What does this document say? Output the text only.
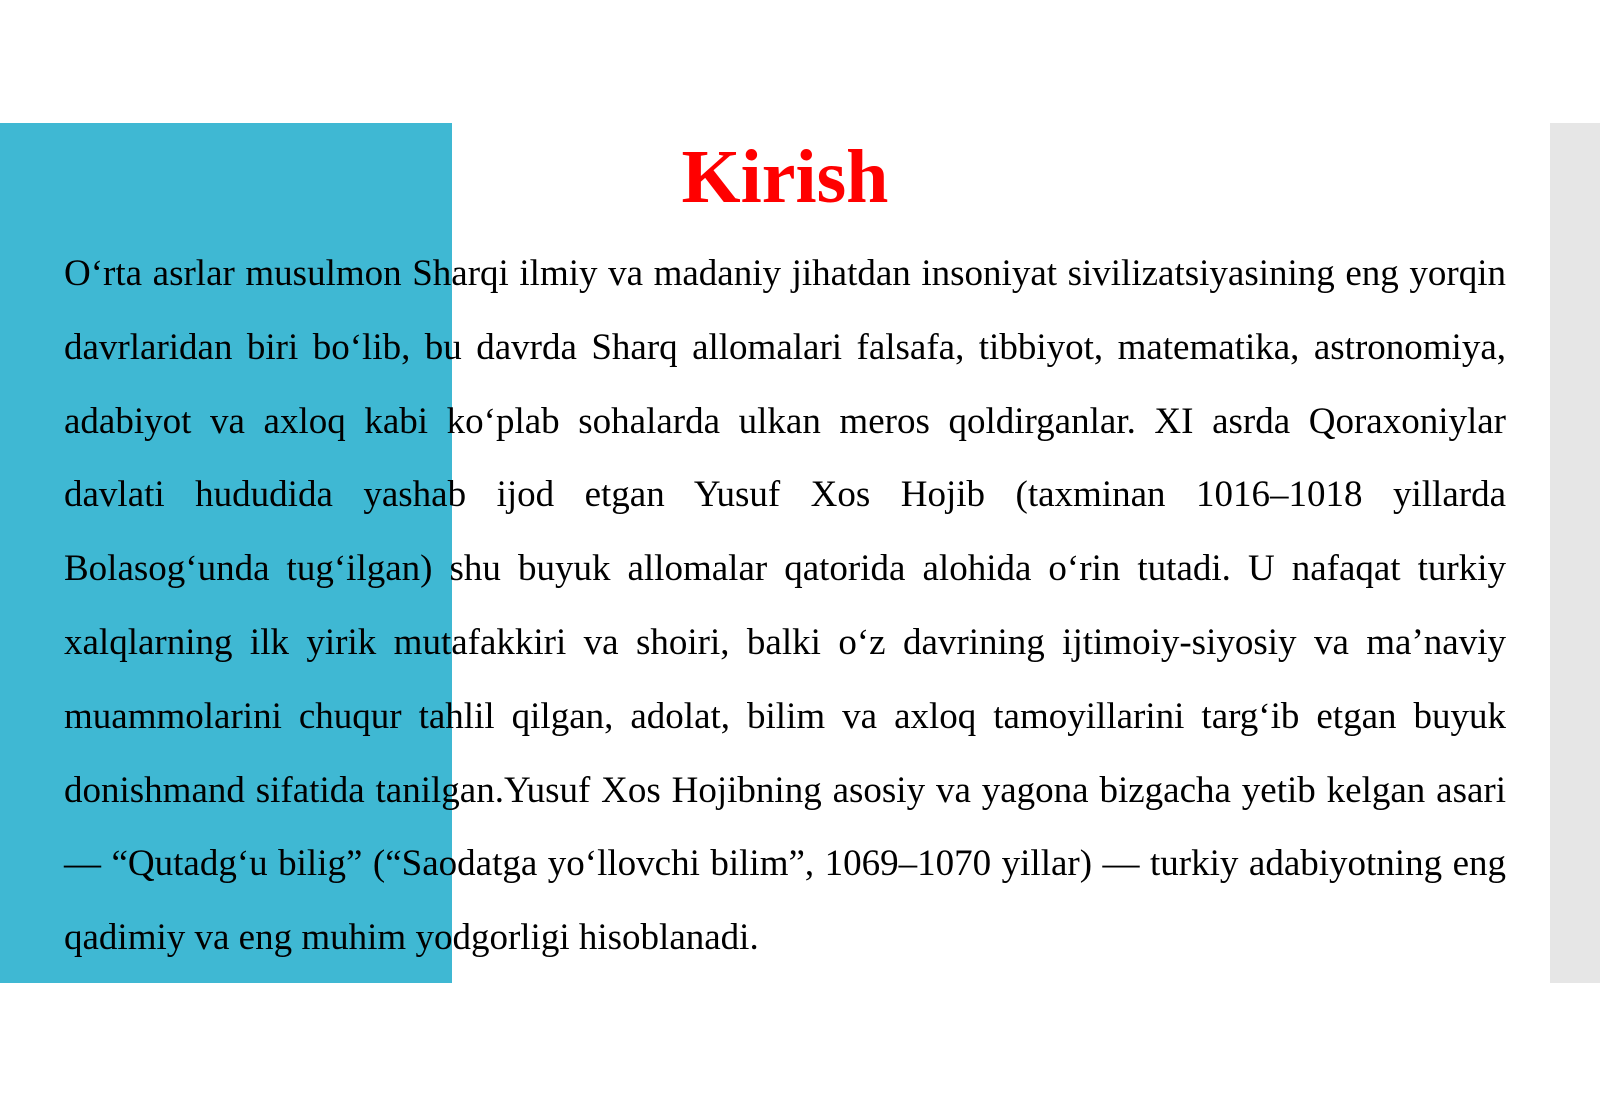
Kirish

O‘rta asrlar musulmon Sharqi ilmiy va madaniy jihatdan insoniyat sivilizatsiyasining eng yorqin davrlaridan biri bo‘lib, bu davrda Sharq allomalari falsafa, tibbiyot, matematika, astronomiya, adabiyot va axloq kabi ko‘plab sohalarda ulkan meros qoldirganlar. XI asrda Qoraxoniylar davlati hududida yashab ijod etgan Yusuf Xos Hojib (taxminan 1016–1018 yillarda Bolasog‘unda tug‘ilgan) shu buyuk allomalar qatorida alohida o‘rin tutadi. U nafaqat turkiy xalqlarning ilk yirik mutafakkiri va shoiri, balki o‘z davrining ijtimoiy-siyosiy va ma’naviy muammolarini chuqur tahlil qilgan, adolat, bilim va axloq tamoyillarini targ‘ib etgan buyuk donishmand sifatida tanilgan.Yusuf Xos Hojibning asosiy va yagona bizgacha yetib kelgan asari — “Qutadg‘u bilig” (“Saodatga yo‘llovchi bilim”, 1069–1070 yillar) — turkiy adabiyotning eng qadimiy va eng muhim yodgorligi hisoblanadi.
